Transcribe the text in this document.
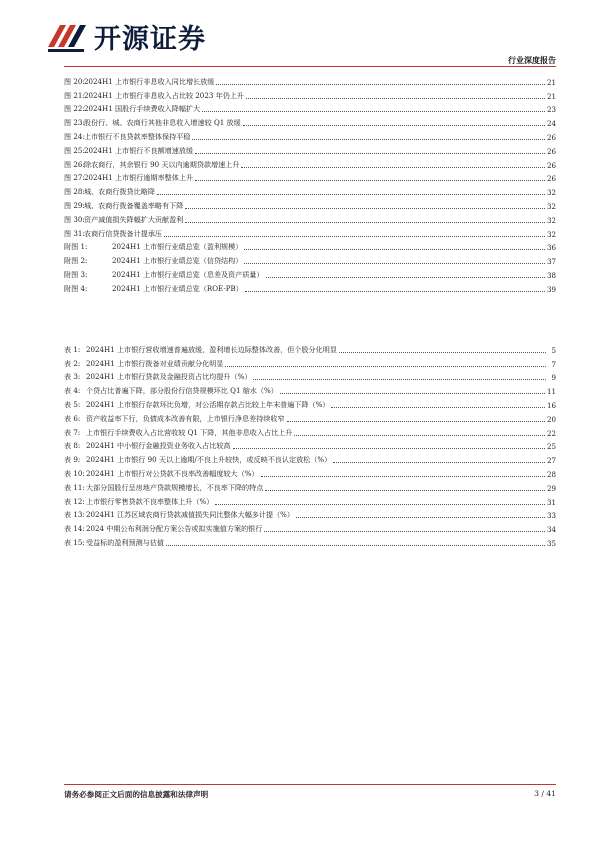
开源证券
行业深度报告
图 20: 2024H1 上市银行非息收入同比增长放缓	21
图 21: 2024H1 上市银行非息收入占比较 2023 年仍上升	21
图 22: 2024H1 国股行手续费收入降幅扩大	23
图 23: 股份行、城、农商行其他非息收入增速较 Q1 放缓	24
图 24: 上市银行不良贷款率整体保持平稳	26
图 25: 2024H1 上市银行不良额增速放缓	26
图 26: 除农商行，其余银行 90 天以内逾期贷款增速上升	26
图 27: 2024H1 上市银行逾期率整体上升	26
图 28: 城、农商行拨贷比略降	32
图 29: 城、农商行拨备覆盖率略有下降	32
图 30: 资产减值损失降幅扩大贡献盈利	32
图 31: 农商行信贷拨备计提承压	32
附图 1:	2024H1 上市银行业绩总览（盈利规模）	36
附图 2:	2024H1 上市银行业绩总览（信贷结构）	37
附图 3:	2024H1 上市银行业绩总览（息差及资产质量）	38
附图 4:	2024H1 上市银行业绩总览（ROE-PB）	39
表 1: 2024H1 上市银行营收增速普遍放缓，盈利增长边际整体改善，但个股分化明显	5
表 2: 2024H1 上市银行拨备对业绩贡献分化明显	7
表 3: 2024H1 上市银行贷款及金融投资占比均提升（%）	9
表 4: 个贷占比普遍下降，部分股份行信贷规模环比 Q1 缩水（%）	11
表 5: 2024H1 上市银行存款环比负增，对公活期存款占比较上年末普遍下降（%）	16
表 6: 资产收益率下行，负债成本改善有限，上市银行净息差持续收窄	20
表 7: 上市银行手续费收入占比营收较 Q1 下降，其他非息收入占比上升	22
表 8: 2024H1 中小银行金融投资业务收入占比较高	25
表 9: 2024H1 上市银行 90 天以上逾期/不良上升较快，或反映不良认定放松（%）	27
表 10: 2024H1 上市银行对公贷款不良率改善幅度较大（%）	28
表 11: 大部分国股行呈房地产贷款规模增长，不良率下降的特点	29
表 12: 上市银行零售贷款不良率整体上升（%）	31
表 13: 2024H1 江苏区域农商行贷款减值损失同比整体大幅多计提（%）	33
表 14: 2024 中期公布利润分配方案公告或拟实施值方案的银行	34
表 15: 受益标的盈利预测与估值	35
请务必参阅正文后面的信息披露和法律声明	3 / 41
